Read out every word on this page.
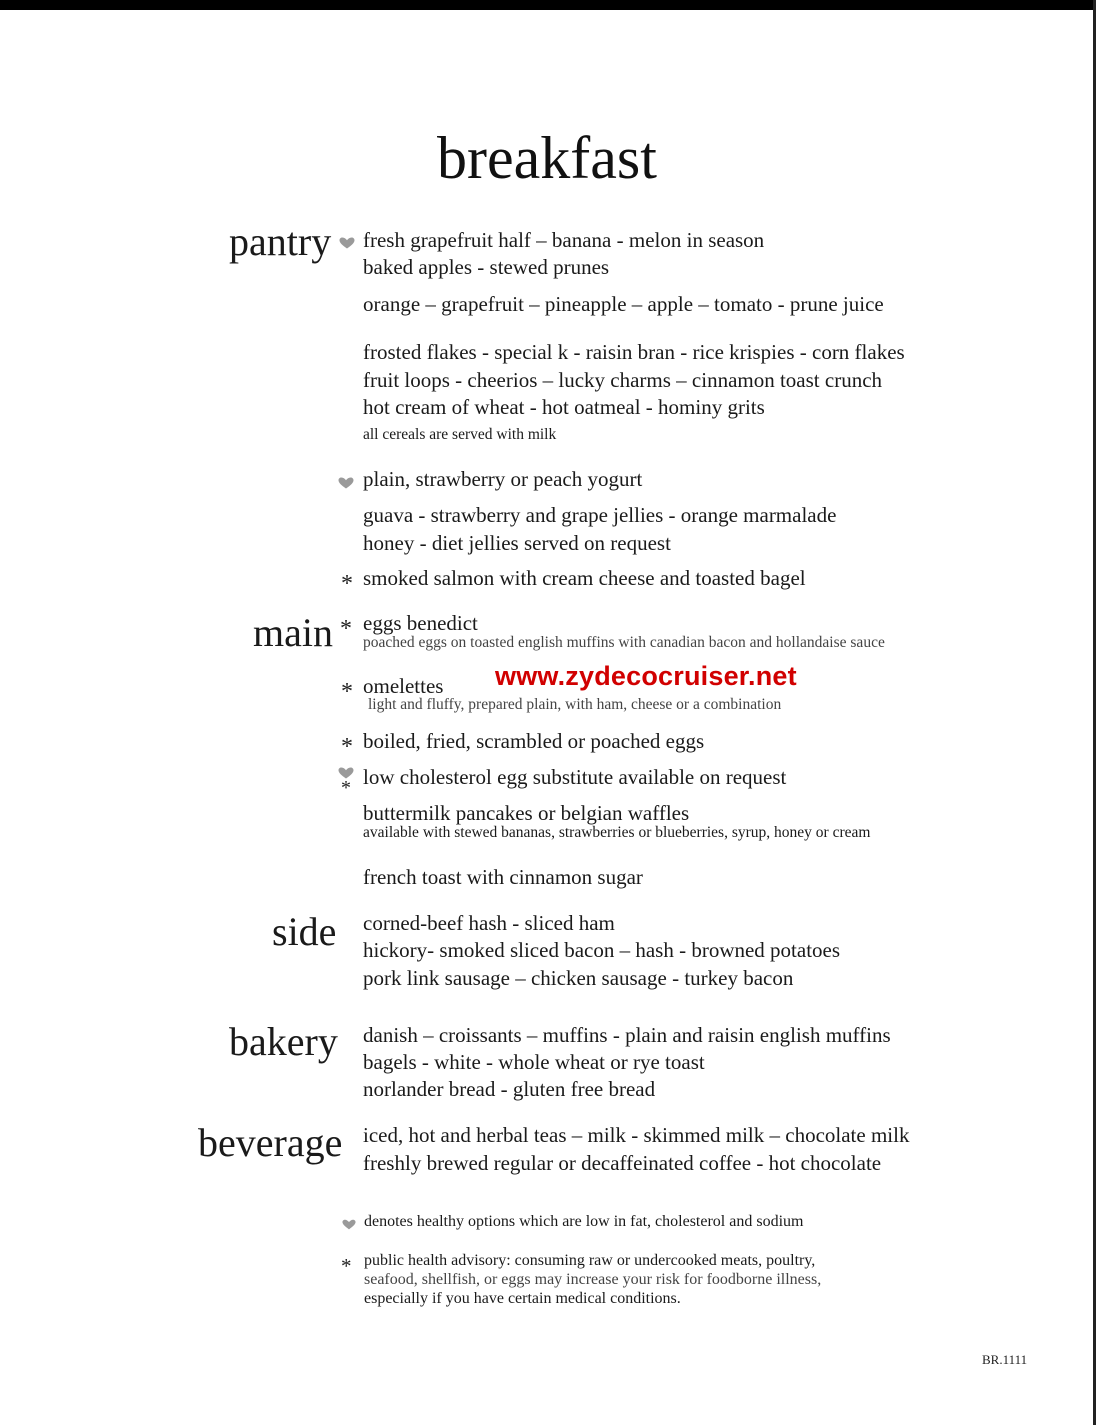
breakfast
pantry fresh grapefruit half – banana - melon in season
baked apples - stewed prunes
orange – grapefruit – pineapple – apple – tomato - prune juice
frosted flakes - special k - raisin bran - rice krispies - corn flakes
fruit loops - cheerios – lucky charms – cinnamon toast crunch
hot cream of wheat - hot oatmeal - hominy grits
all cereals are served with milk
plain, strawberry or peach yogurt
guava - strawberry and grape jellies - orange marmalade
honey - diet jellies served on request
* smoked salmon with cream cheese and toasted bagel
main * eggs benedict
poached eggs on toasted english muffins with canadian bacon and hollandaise sauce
www.zydecocruiser.net
* omelettes
light and fluffy, prepared plain, with ham, cheese or a combination
* boiled, fried, scrambled or poached eggs
* low cholesterol egg substitute available on request
buttermilk pancakes or belgian waffles
available with stewed bananas, strawberries or blueberries, syrup, honey or cream
french toast with cinnamon sugar
side corned-beef hash - sliced ham
hickory- smoked sliced bacon – hash - browned potatoes
pork link sausage – chicken sausage - turkey bacon
bakery danish – croissants – muffins - plain and raisin english muffins
bagels - white - whole wheat or rye toast
norlander bread - gluten free bread
beverage iced, hot and herbal teas – milk - skimmed milk – chocolate milk
freshly brewed regular or decaffeinated coffee - hot chocolate
denotes healthy options which are low in fat, cholesterol and sodium
* public health advisory: consuming raw or undercooked meats, poultry,
seafood, shellfish, or eggs may increase your risk for foodborne illness,
especially if you have certain medical conditions.
BR.1111
